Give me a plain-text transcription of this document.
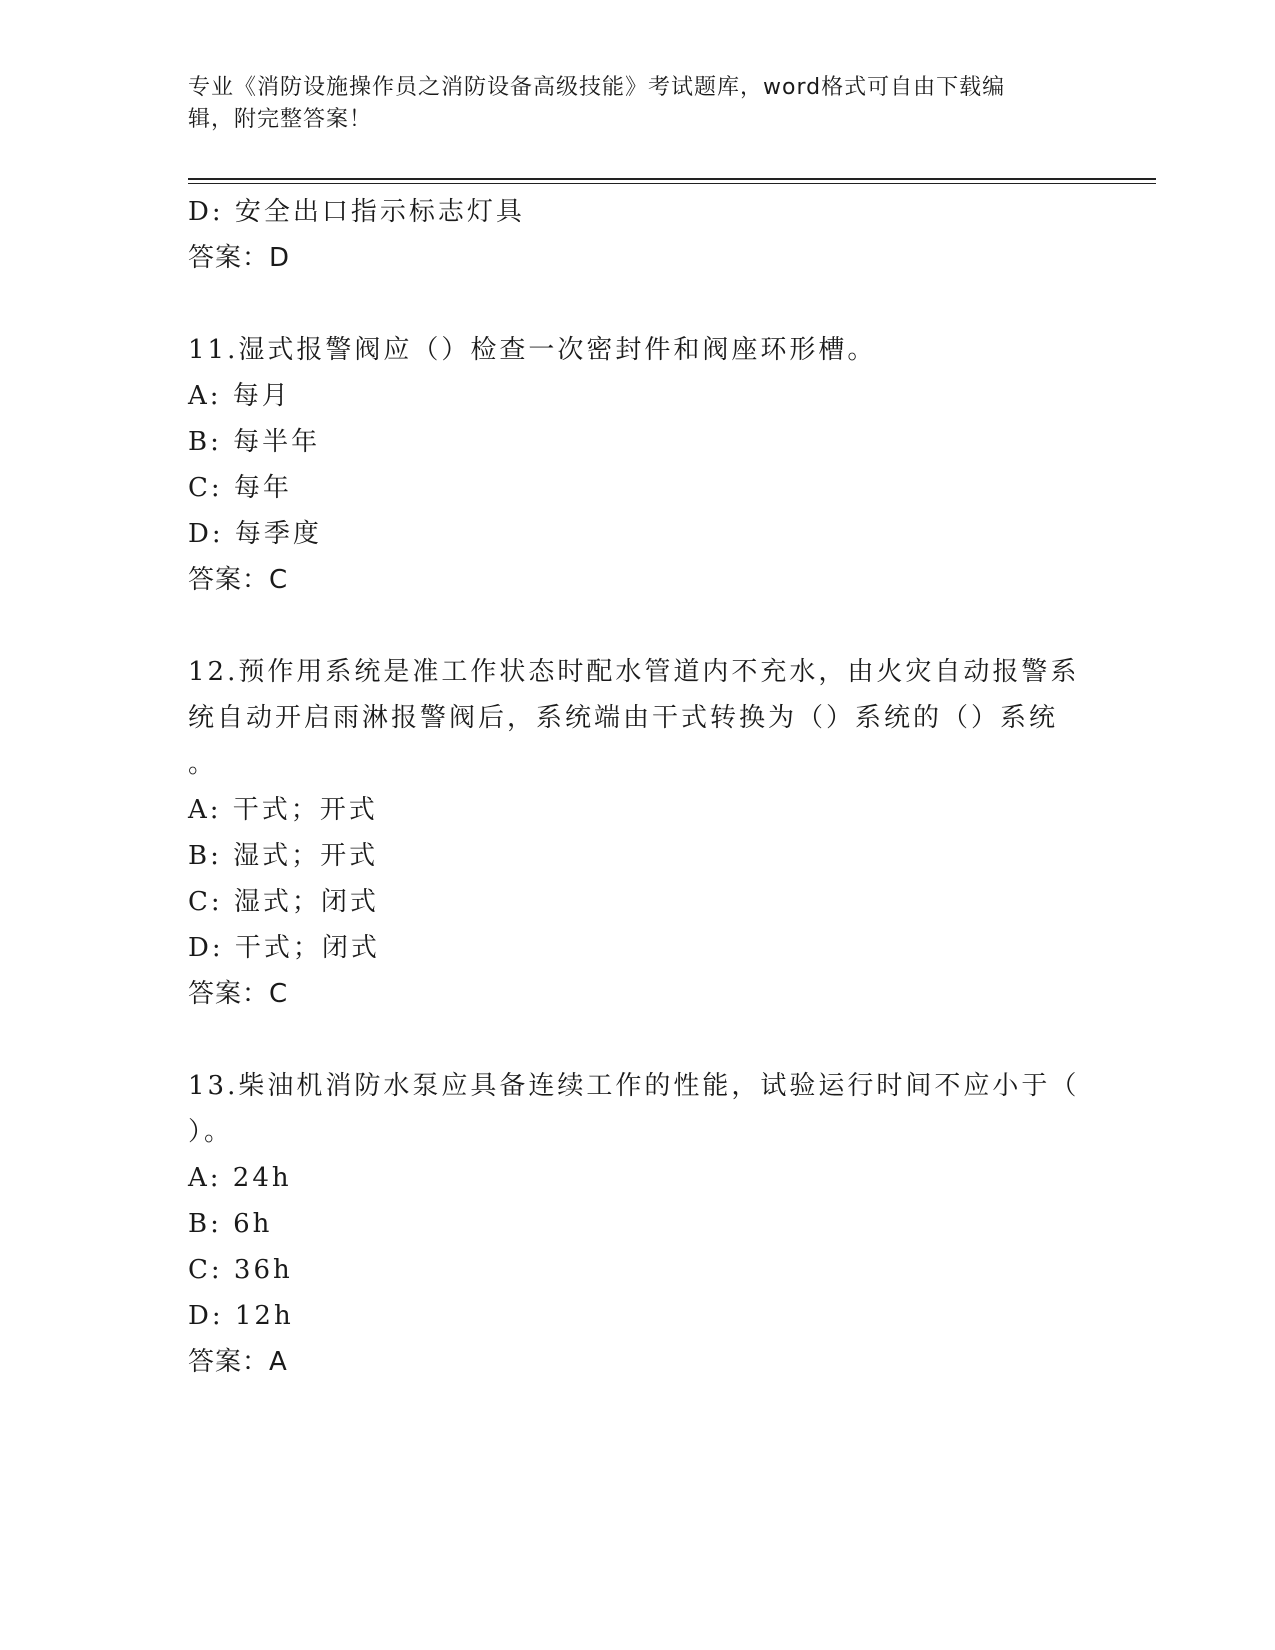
专业《消防设施操作员之消防设备高级技能》考试题库，word格式可自由下载编
辑，附完整答案！
D: 安全出口指示标志灯具
答案：D
11.湿式报警阀应（）检查一次密封件和阀座环形槽。
A: 每月
B: 每半年
C: 每年
D: 每季度
答案：C
12.预作用系统是准工作状态时配水管道内不充水，由火灾自动报警系
统自动开启雨淋报警阀后，系统端由干式转换为（）系统的（）系统
。
A: 干式；开式
B: 湿式；开式
C: 湿式；闭式
D: 干式；闭式
答案：C
13.柴油机消防水泵应具备连续工作的性能，试验运行时间不应小于（
）。
A: 24h
B: 6h
C: 36h
D: 12h
答案：A
